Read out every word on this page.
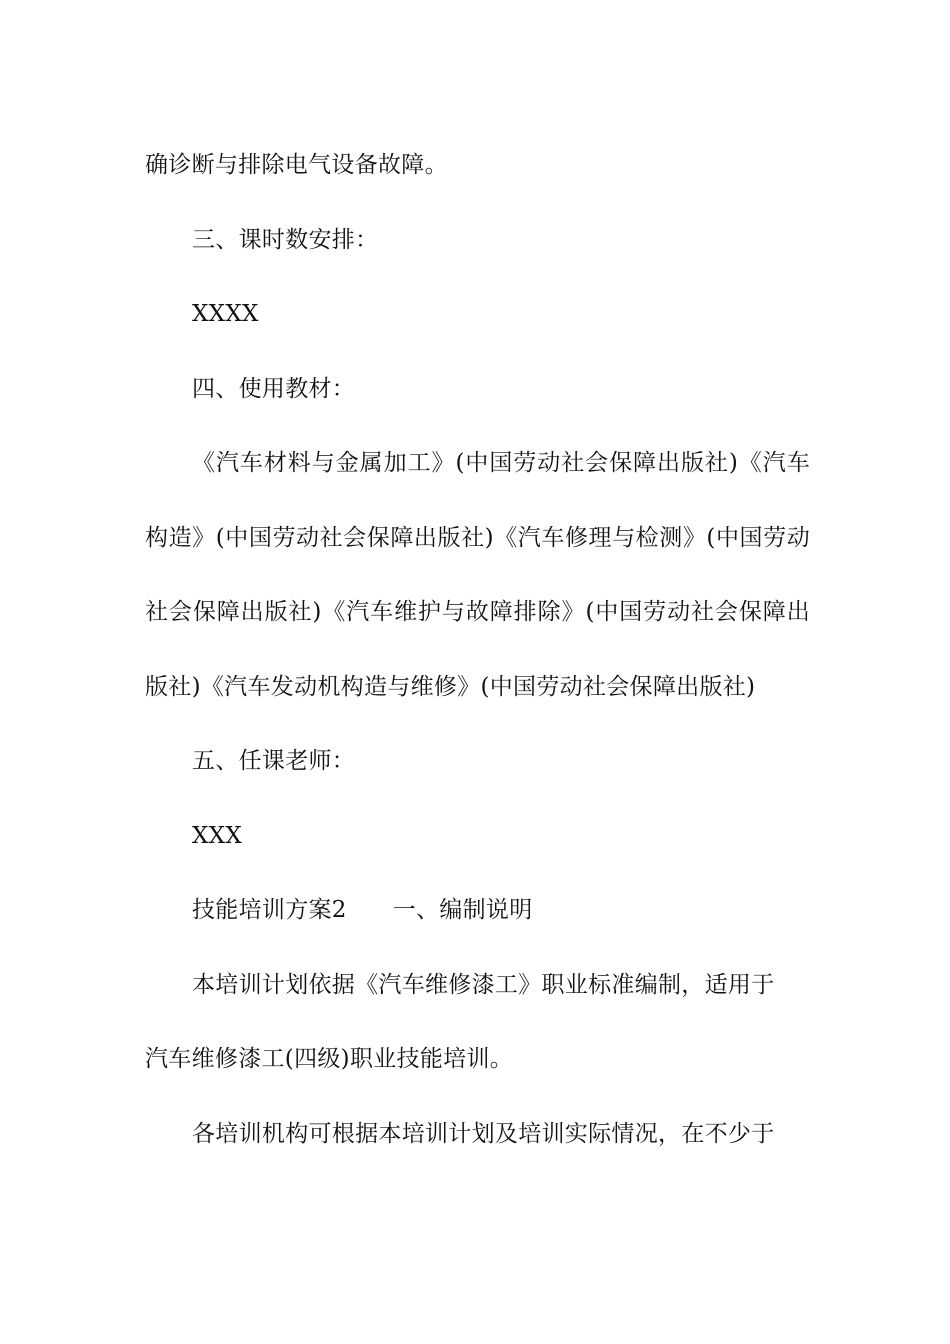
确诊断与排除电气设备故障。
三、课时数安排：
XXXX
四、使用教材：
《汽车材料与金属加工》(中国劳动社会保障出版社)《汽车构造》(中国劳动社会保障出版社)《汽车修理与检测》(中国劳动社会保障出版社)《汽车维护与故障排除》(中国劳动社会保障出版社)《汽车发动机构造与维修》(中国劳动社会保障出版社)
五、任课老师：
XXX
技能培训方案2 一、编制说明
本培训计划依据《汽车维修漆工》职业标准编制，适用于
汽车维修漆工(四级)职业技能培训。
各培训机构可根据本培训计划及培训实际情况，在不少于
